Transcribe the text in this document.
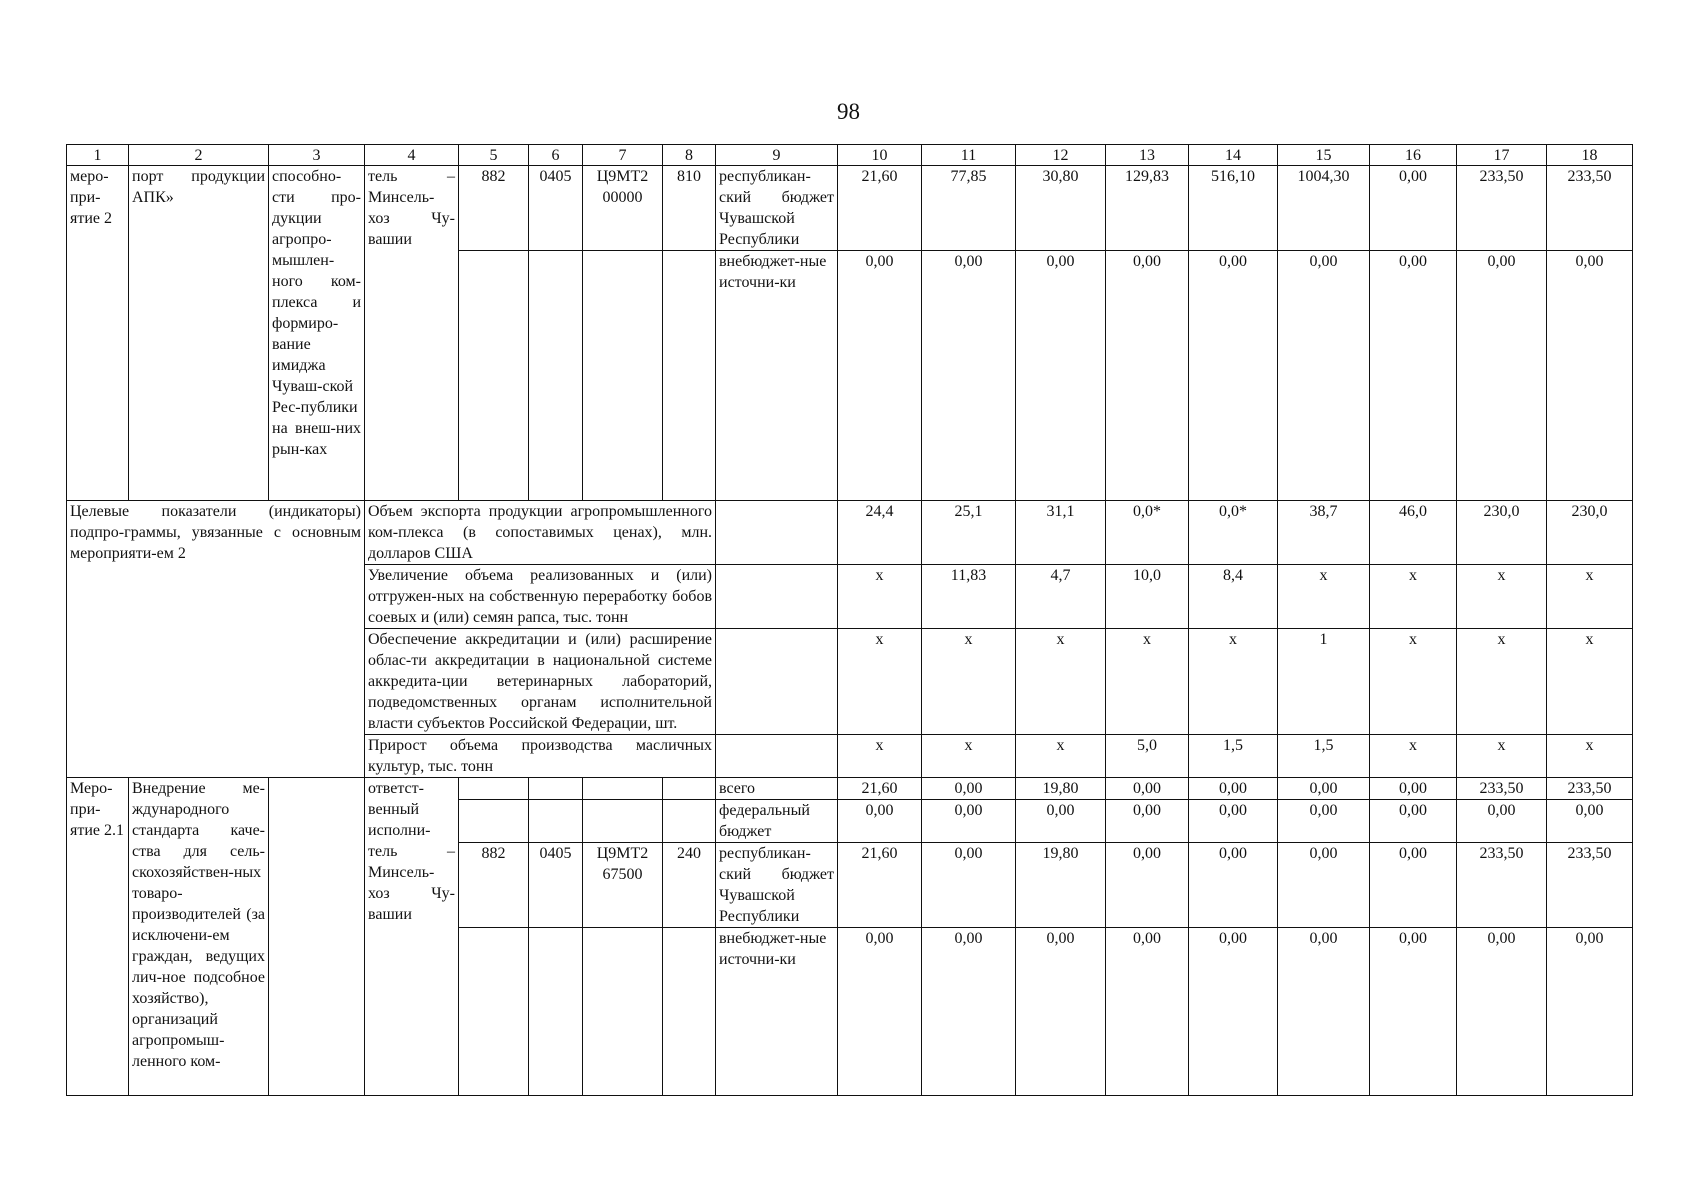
98
1	2	3	4	5	6	7	8	9	10	11	12	13	14	15	16	17	18
меро-при-ятие 2	порт продукции АПК»	способно-сти про-дукции агропро-мышлен-ного ком-плекса и формиро-вание имиджа Чуваш-ской Рес-публики на внеш-них рын-ках	тель – Минсель-хоз Чу-вашии	882	0405	Ц9МТ2 00000	810	республикан-ский бюджет Чувашской Республики	21,60	77,85	30,80	129,83	516,10	1004,30	0,00	233,50	233,50
								внебюджет-ные источни-ки	0,00	0,00	0,00	0,00	0,00	0,00	0,00	0,00	0,00
Целевые показатели (индикаторы) подпро-граммы, увязанные с основным мероприяти-ем 2			Объем экспорта продукции агропромышленного ком-плекса (в сопоставимых ценах), млн. долларов США						24,4	25,1	31,1	0,0*	0,0*	38,7	46,0	230,0	230,0
			Увеличение объема реализованных и (или) отгружен-ных на собственную переработку бобов соевых и (или) семян рапса, тыс. тонн						х	11,83	4,7	10,0	8,4	х	х	х	х
			Обеспечение аккредитации и (или) расширение облас-ти аккредитации в национальной системе аккредита-ции ветеринарных лабораторий, подведомственных органам исполнительной власти субъектов Российской Федерации, шт.						х	х	х	х	х	1	х	х	х
			Прирост объема производства масличных культур, тыс. тонн						х	х	х	5,0	1,5	1,5	х	х	х
Меро-при-ятие 2.1	Внедрение ме-ждународного стандарта каче-ства для сель-скохозяйствен-ных товаро-производителей (за исключени-ем граждан, ведущих лич-ное подсобное хозяйство), организаций агропромыш-ленного ком-		ответст-венный исполни-тель – Минсель-хоз Чу-вашии					всего	21,60	0,00	19,80	0,00	0,00	0,00	0,00	233,50	233,50
								федеральный бюджет	0,00	0,00	0,00	0,00	0,00	0,00	0,00	0,00	0,00
				882	0405	Ц9МТ2 67500	240	республикан-ский бюджет Чувашской Республики	21,60	0,00	19,80	0,00	0,00	0,00	0,00	233,50	233,50
								внебюджет-ные источни-ки	0,00	0,00	0,00	0,00	0,00	0,00	0,00	0,00	0,00
